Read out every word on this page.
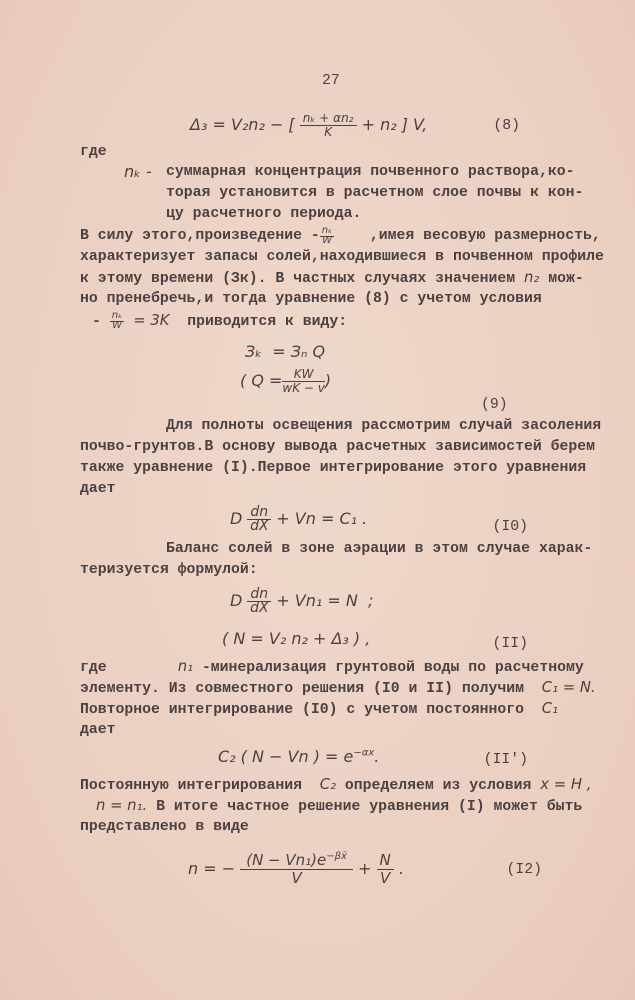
27
Δ₃ = V₂n₂ − [ $\frac{\text{nₖ + αn₂}}{K} + n_2$ ] V,	(8)
где
nₖ - суммарная концентрация почвенного раствора,ко-
торая установится в расчетном слое почвы к кон-
цу расчетного периода.
В силу этого,произведение - $\frac{\text{nₖ}}{W}$ ,имея весовую размерность,
характеризует запасы солей,находившиеся в почвенном профиле
к этому времени (Зк). В частных случаях значением n₂ мож-
но пренебречь,и тогда уравнение (8) с учетом условия
- $\frac{\text{nₖ}}{W} = 3K$ приводится к виду:
Зₖ  = Зₙ Q
( $Q = \frac{KW}{wK - v}$ )
(9)
Для полноты освещения рассмотрим случай засоления
почво-грунтов.В основу вывода расчетных зависимостей берем
также уравнение (I).Первое интегрирование этого уравнения
дает
D $\frac{dn}{dX} + Vn = C_1$ .	(I0)
Баланс солей в зоне аэрации в этом случае харак-
теризуется формулой:
D $\frac{dn}{dX} + Vn_1 = N$  ;
( N = V₂ n₂ + Δ₃ ) ,	(II)
где	n₁ -минерализация грунтовой воды по расчетному
элементу. Из совместного решения (I0 и II) получим C₁ = N.
Повторное интегрирование (I0) с учетом постоянного C₁
дает
C₂ ( N − Vn ) = $e^{-\alpha x}$.	(II′)
Постоянную интегрирования C₂ определяем из условия x = H ,
n = n₁. В итоге частное решение уравнения (I) может быть
представлено в виде
n = − $\frac{(N - Vn_1)e^{-\beta x̄}}{V} + \frac{N}{V}$ .	(I2)
